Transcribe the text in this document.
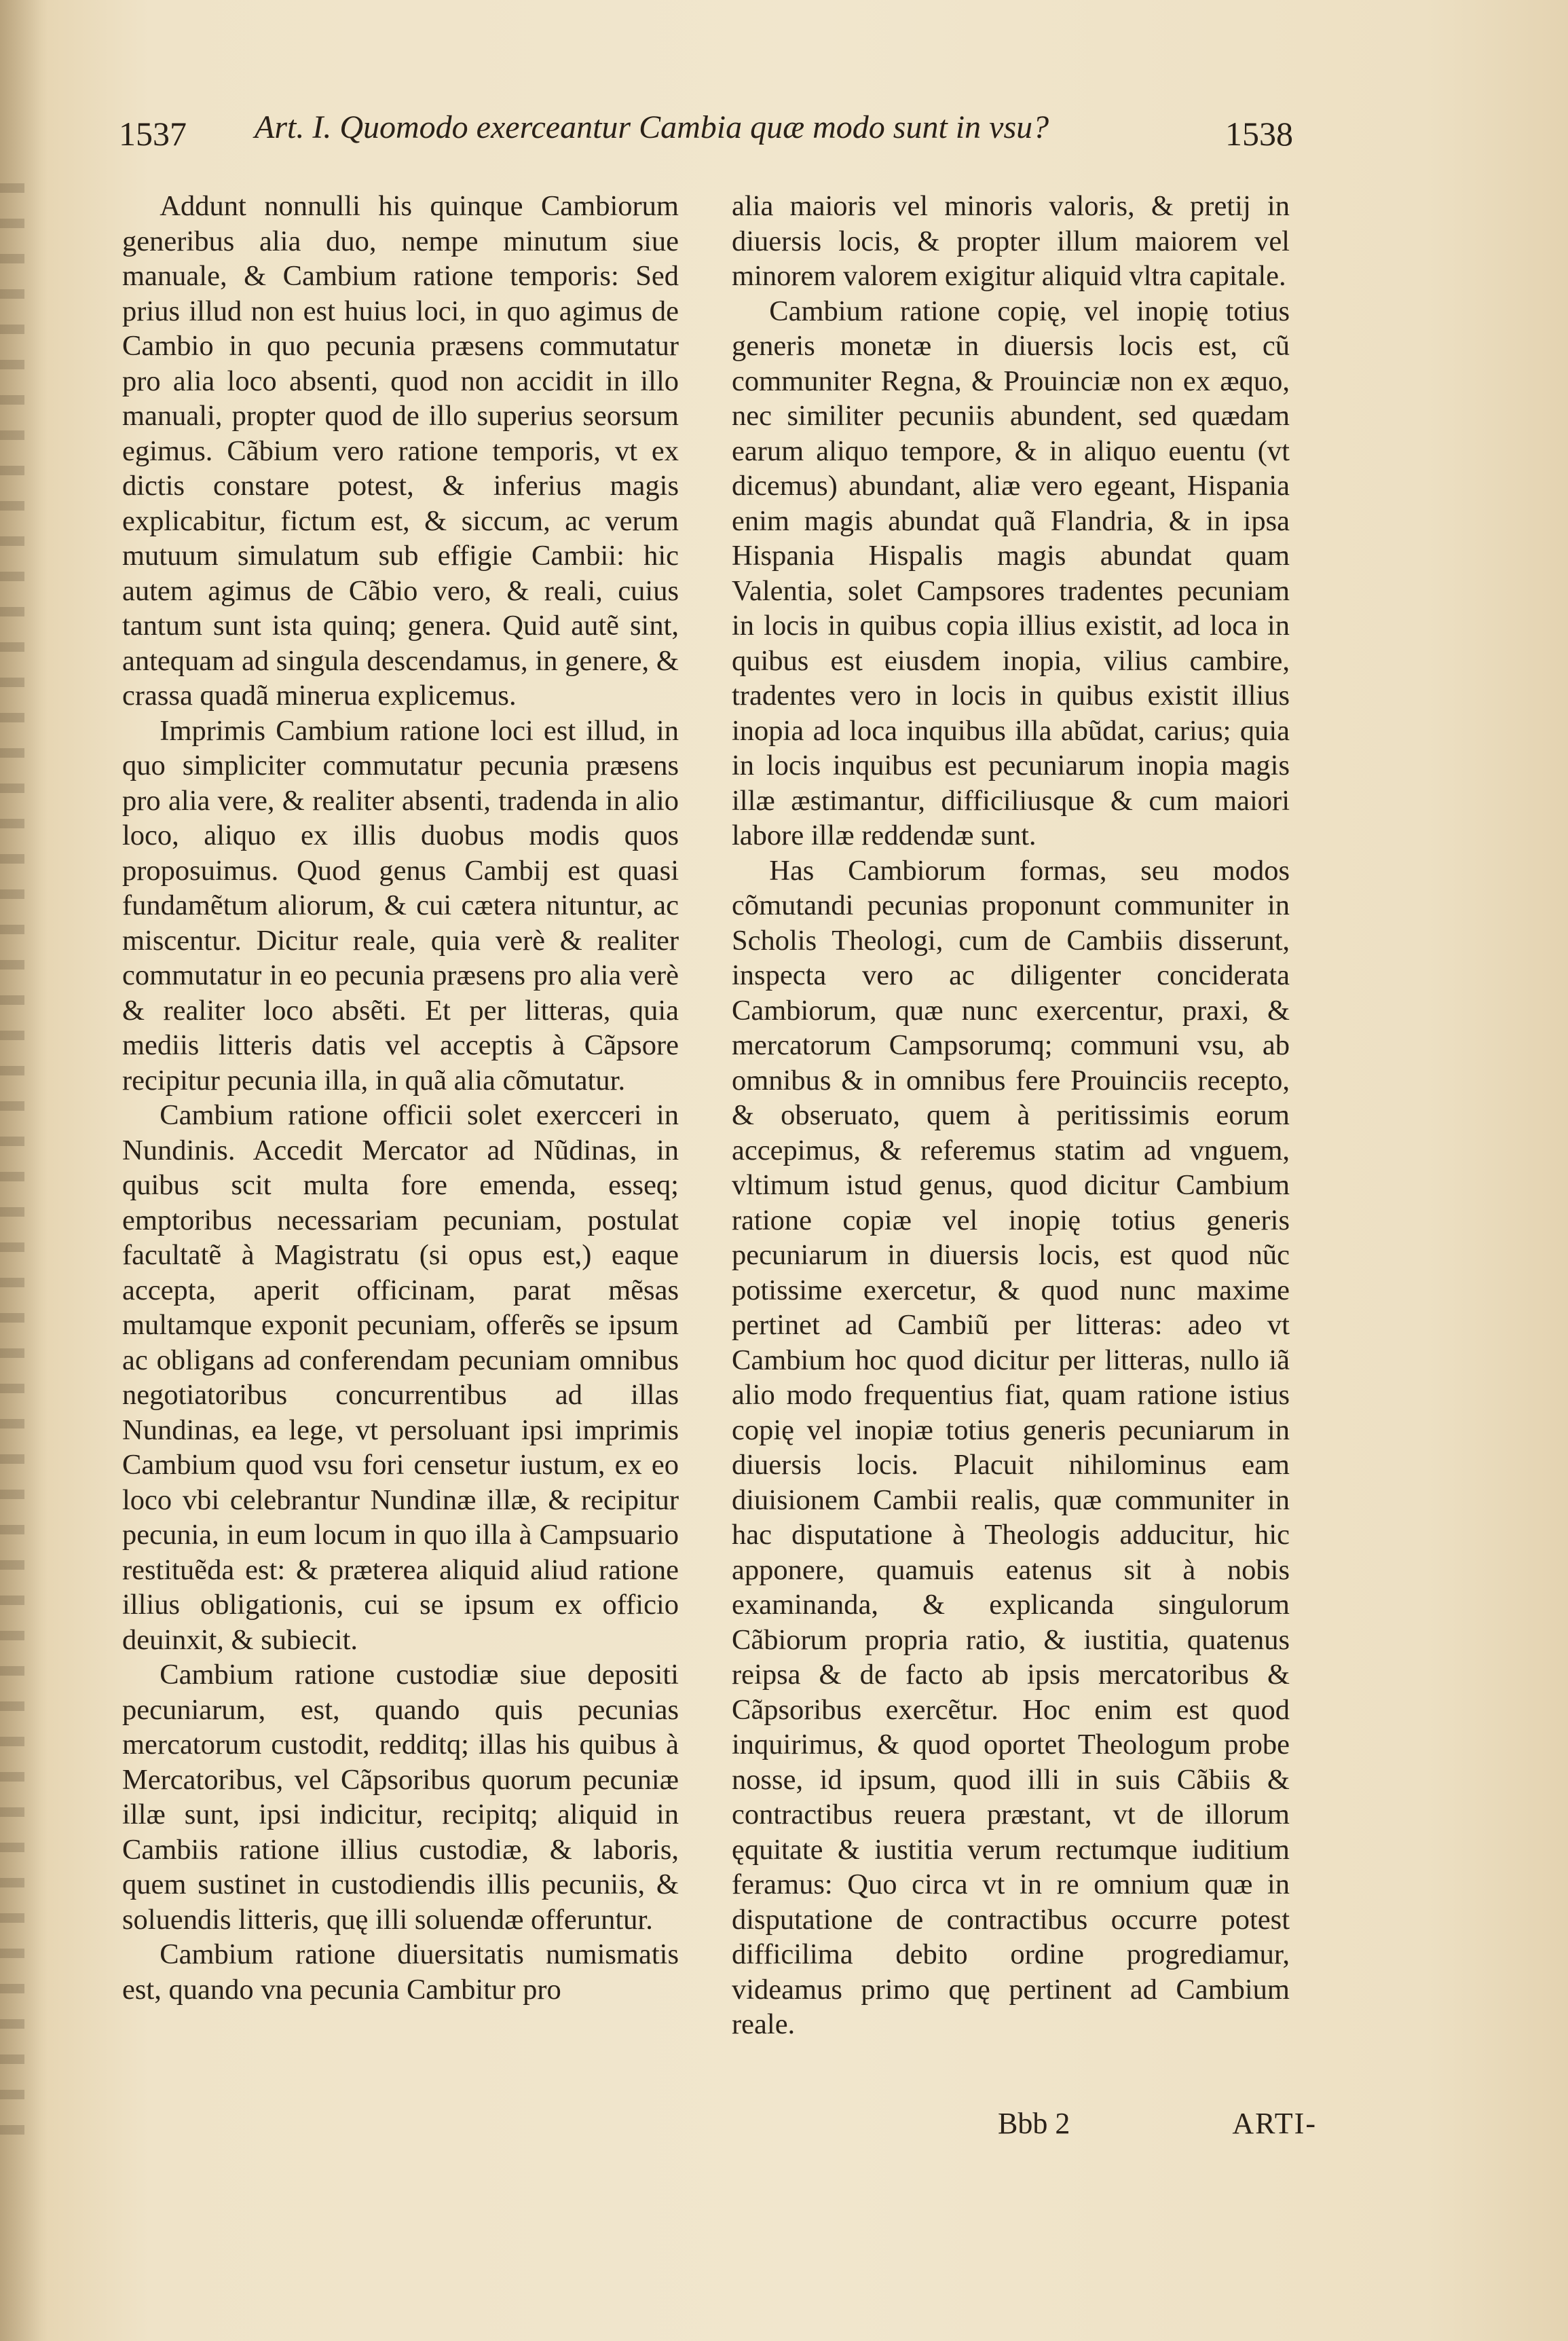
1537 Art. I. Quomodo exerceantur Cambia quæ modo sunt in vsu?	1538

Addunt nonnulli his quinque Cambiorum generibus alia duo, nempe minutum siue manuale, & Cambium ratione temporis: Sed prius illud non est huius loci, in quo agimus de Cambio in quo pecunia præsens commutatur pro alia loco absenti, quod non accidit in illo manuali, propter quod de illo superius seorsum egimus. Cãbium vero ratione temporis, vt ex dictis constare potest, & inferius magis explicabitur, fictum est, & siccum, ac verum mutuum simulatum sub effigie Cambii: hic autem agimus de Cãbio vero, & reali, cuius tantum sunt ista quinq; genera. Quid autẽ sint, antequam ad singula descendamus, in genere, & crassa quadã minerua explicemus.

Imprimis Cambium ratione loci est illud, in quo simpliciter commutatur pecunia præsens pro alia vere, & realiter absenti, tradenda in alio loco, aliquo ex illis duobus modis quos proposuimus. Quod genus Cambij est quasi fundamẽtum aliorum, & cui cætera nituntur, ac miscentur. Dicitur reale, quia verè & realiter commutatur in eo pecunia præsens pro alia verè & realiter loco absẽti. Et per litteras, quia mediis litteris datis vel acceptis à Cãpsore recipitur pecunia illa, in quã alia cõmutatur.

Cambium ratione officii solet exercceri in Nundinis. Accedit Mercator ad Nũdinas, in quibus scit multa fore emenda, esseq; emptoribus necessariam pecuniam, postulat facultatẽ à Magistratu (si opus est,) eaque accepta, aperit officinam, parat mẽsas multamque exponit pecuniam, offerẽs se ipsum ac obligans ad conferendam pecuniam omnibus negotiatoribus concurrentibus ad illas Nundinas, ea lege, vt persoluant ipsi imprimis Cambium quod vsu fori censetur iustum, ex eo loco vbi celebrantur Nundinæ illæ, & recipitur pecunia, in eum locum in quo illa à Campsuario restituẽda est: & præterea aliquid aliud ratione illius obligationis, cui se ipsum ex officio deuinxit, & subiecit.

Cambium ratione custodiæ siue depositi pecuniarum, est, quando quis pecunias mercatorum custodit, redditq; illas his quibus à Mercatoribus, vel Cãpsoribus quorum pecuniæ illæ sunt, ipsi indicitur, recipitq; aliquid in Cambiis ratione illius custodiæ, & laboris, quem sustinet in custodiendis illis pecuniis, & soluendis litteris, quę illi soluendæ offeruntur.

Cambium ratione diuersitatis numismatis est, quando vna pecunia Cambitur pro

alia maioris vel minoris valoris, & pretij in diuersis locis, & propter illum maiorem vel minorem valorem exigitur aliquid vltra capitale.

Cambium ratione copię, vel inopię totius generis monetæ in diuersis locis est, cũ communiter Regna, & Prouinciæ non ex æquo, nec similiter pecuniis abundent, sed quædam earum aliquo tempore, & in aliquo euentu (vt dicemus) abundant, aliæ vero egeant, Hispania enim magis abundat quã Flandria, & in ipsa Hispania Hispalis magis abundat quam Valentia, solet Campsores tradentes pecuniam in locis in quibus copia illius existit, ad loca in quibus est eiusdem inopia, vilius cambire, tradentes vero in locis in quibus existit illius inopia ad loca inquibus illa abũdat, carius; quia in locis inquibus est pecuniarum inopia magis illæ æstimantur, difficiliusque & cum maiori labore illæ reddendæ sunt.

Has Cambiorum formas, seu modos cõmutandi pecunias proponunt communiter in Scholis Theologi, cum de Cambiis disserunt, inspecta vero ac diligenter conciderata Cambiorum, quæ nunc exercentur, praxi, & mercatorum Campsorumq; communi vsu, ab omnibus & in omnibus fere Prouinciis recepto, & obseruato, quem à peritissimis eorum accepimus, & referemus statim ad vnguem, vltimum istud genus, quod dicitur Cambium ratione copiæ vel inopię totius generis pecuniarum in diuersis locis, est quod nũc potissime exercetur, & quod nunc maxime pertinet ad Cambiũ per litteras: adeo vt Cambium hoc quod dicitur per litteras, nullo iã alio modo frequentius fiat, quam ratione istius copię vel inopiæ totius generis pecuniarum in diuersis locis. Placuit nihilominus eam diuisionem Cambii realis, quæ communiter in hac disputatione à Theologis adducitur, hic apponere, quamuis eatenus sit à nobis examinanda, & explicanda singulorum Cãbiorum propria ratio, & iustitia, quatenus reipsa & de facto ab ipsis mercatoribus & Cãpsoribus exercẽtur. Hoc enim est quod inquirimus, & quod oportet Theologum probe nosse, id ipsum, quod illi in suis Cãbiis & contractibus reuera præstant, vt de illorum ęquitate & iustitia verum rectumque iuditium feramus: Quo circa vt in re omnium quæ in disputatione de contractibus occurre potest difficilima debito ordine progrediamur, videamus primo quę pertinent ad Cambium reale.

Bbb 2	ARTI-
